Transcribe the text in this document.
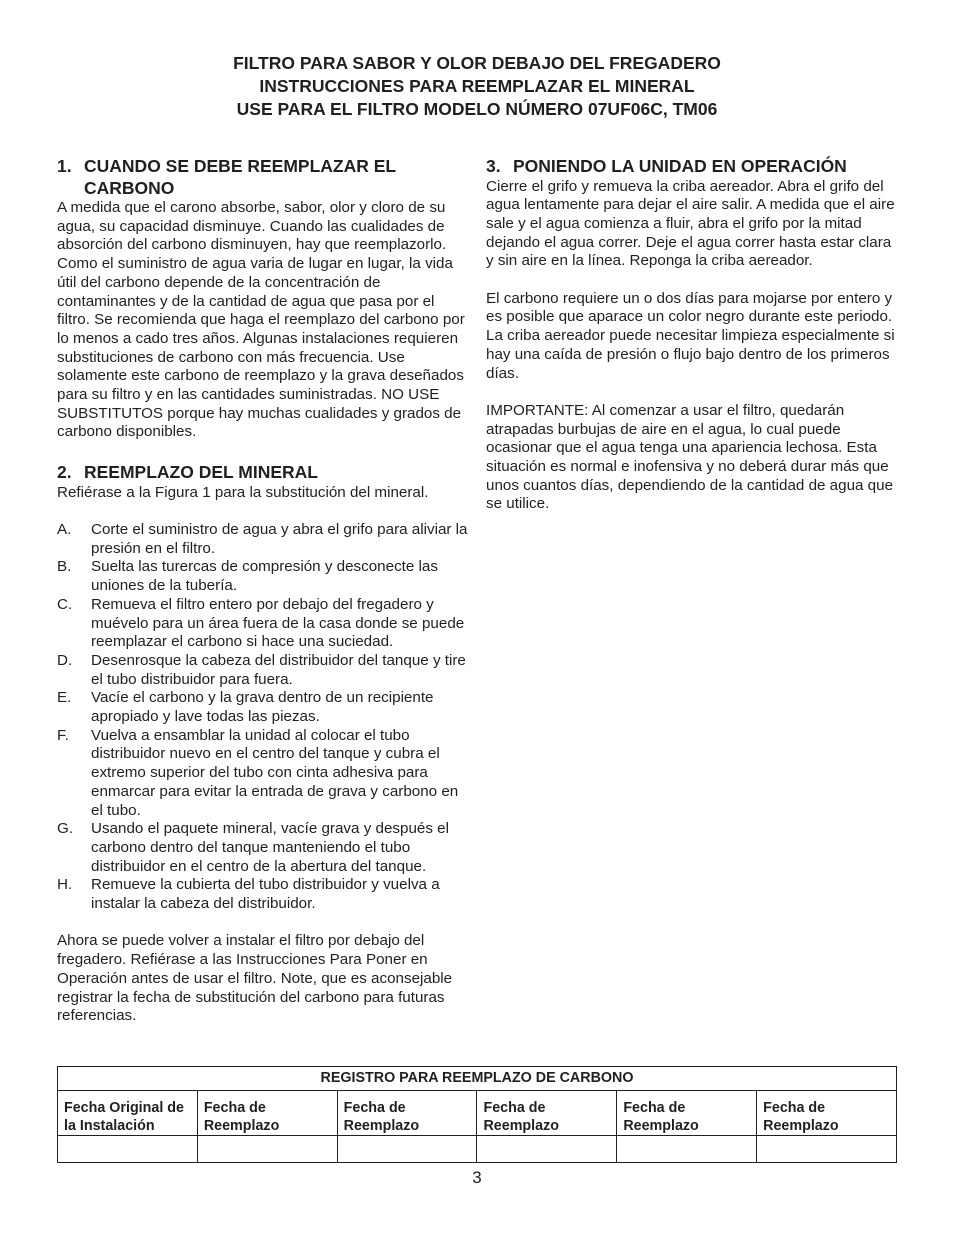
FILTRO PARA SABOR Y OLOR DEBAJO DEL FREGADERO
INSTRUCCIONES PARA REEMPLAZAR EL MINERAL
USE PARA EL FILTRO MODELO NÚMERO 07UF06C, TM06
1. CUANDO SE DEBE REEMPLAZAR EL CARBONO

A medida que el carono absorbe, sabor, olor y cloro de su agua, su capacidad disminuye. Cuando las cualidades de absorción del carbono disminuyen, hay que reemplazorlo. Como el suministro de agua varia de lugar en lugar, la vida útil del carbono depende de la concentración de contaminantes y de la cantidad de agua que pasa por el filtro. Se recomienda que haga el reemplazo del carbono por lo menos a cado tres años. Algunas instalaciones requieren substituciones de carbono con más frecuencia. Use solamente este carbono de reemplazo y la grava deseñados para su filtro y en las cantidades suministradas. NO USE SUBSTITUTOS porque hay muchas cualidades y grados de carbono disponibles.

2. REEMPLAZO DEL MINERAL

Refiérase a la Figura 1 para la substitución del mineral.

A.	Corte el suministro de agua y abra el grifo para aliviar la presión en el filtro.
B.	Suelta las turercas de compresión y desconecte las uniones de la tubería.
C.	Remueva el filtro entero por debajo del fregadero y muévelo para un área fuera de la casa donde se puede reemplazar el carbono si hace una suciedad.
D.	Desenrosque la cabeza del distribuidor del tanque y tire el tubo distribuidor para fuera.
E.	Vacíe el carbono y la grava dentro de un recipiente apropiado y lave todas las piezas.
F.	Vuelva a ensamblar la unidad al colocar el tubo distribuidor nuevo en el centro del tanque y cubra el extremo superior del tubo con cinta adhesiva para enmarcar para evitar la entrada de grava y carbono en el tubo.
G.	Usando el paquete mineral, vacíe grava y después el carbono dentro del tanque manteniendo el tubo distribuidor en el centro de la abertura del tanque.
H.	Remueve la cubierta del tubo distribuidor y vuelva a instalar la cabeza del distribuidor.

Ahora se puede volver a instalar el filtro por debajo del fregadero. Refiérase a las Instrucciones Para Poner en Operación antes de usar el filtro. Note, que es aconsejable registrar la fecha de substitución del carbono para futuras referencias.

3. PONIENDO LA UNIDAD EN OPERACIÓN

Cierre el grifo y remueva la criba aereador. Abra el grifo del agua lentamente para dejar el aire salir. A medida que el aire sale y el agua comienza a fluir, abra el grifo por la mitad dejando el agua correr. Deje el agua correr hasta estar clara y sin aire en la línea. Reponga la criba aereador.

El carbono requiere un o dos días para mojarse por entero y es posible que aparace un color negro durante este periodo. La criba aereador puede necesitar limpieza especialmente si hay una caída de presión o flujo bajo dentro de los primeros días.

IMPORTANTE: Al comenzar a usar el filtro, quedarán atrapadas burbujas de aire en el agua, lo cual puede ocasionar que el agua tenga una apariencia lechosa. Esta situación es normal e inofensiva y no deberá durar más que unos cuantos días, dependiendo de la cantidad de agua que se utilice.

REGISTRO PARA REEMPLAZO DE CARBONO					
Fecha Original de la Instalación	Fecha de Reemplazo	Fecha de Reemplazo	Fecha de Reemplazo	Fecha de Reemplazo	Fecha de Reemplazo

3
